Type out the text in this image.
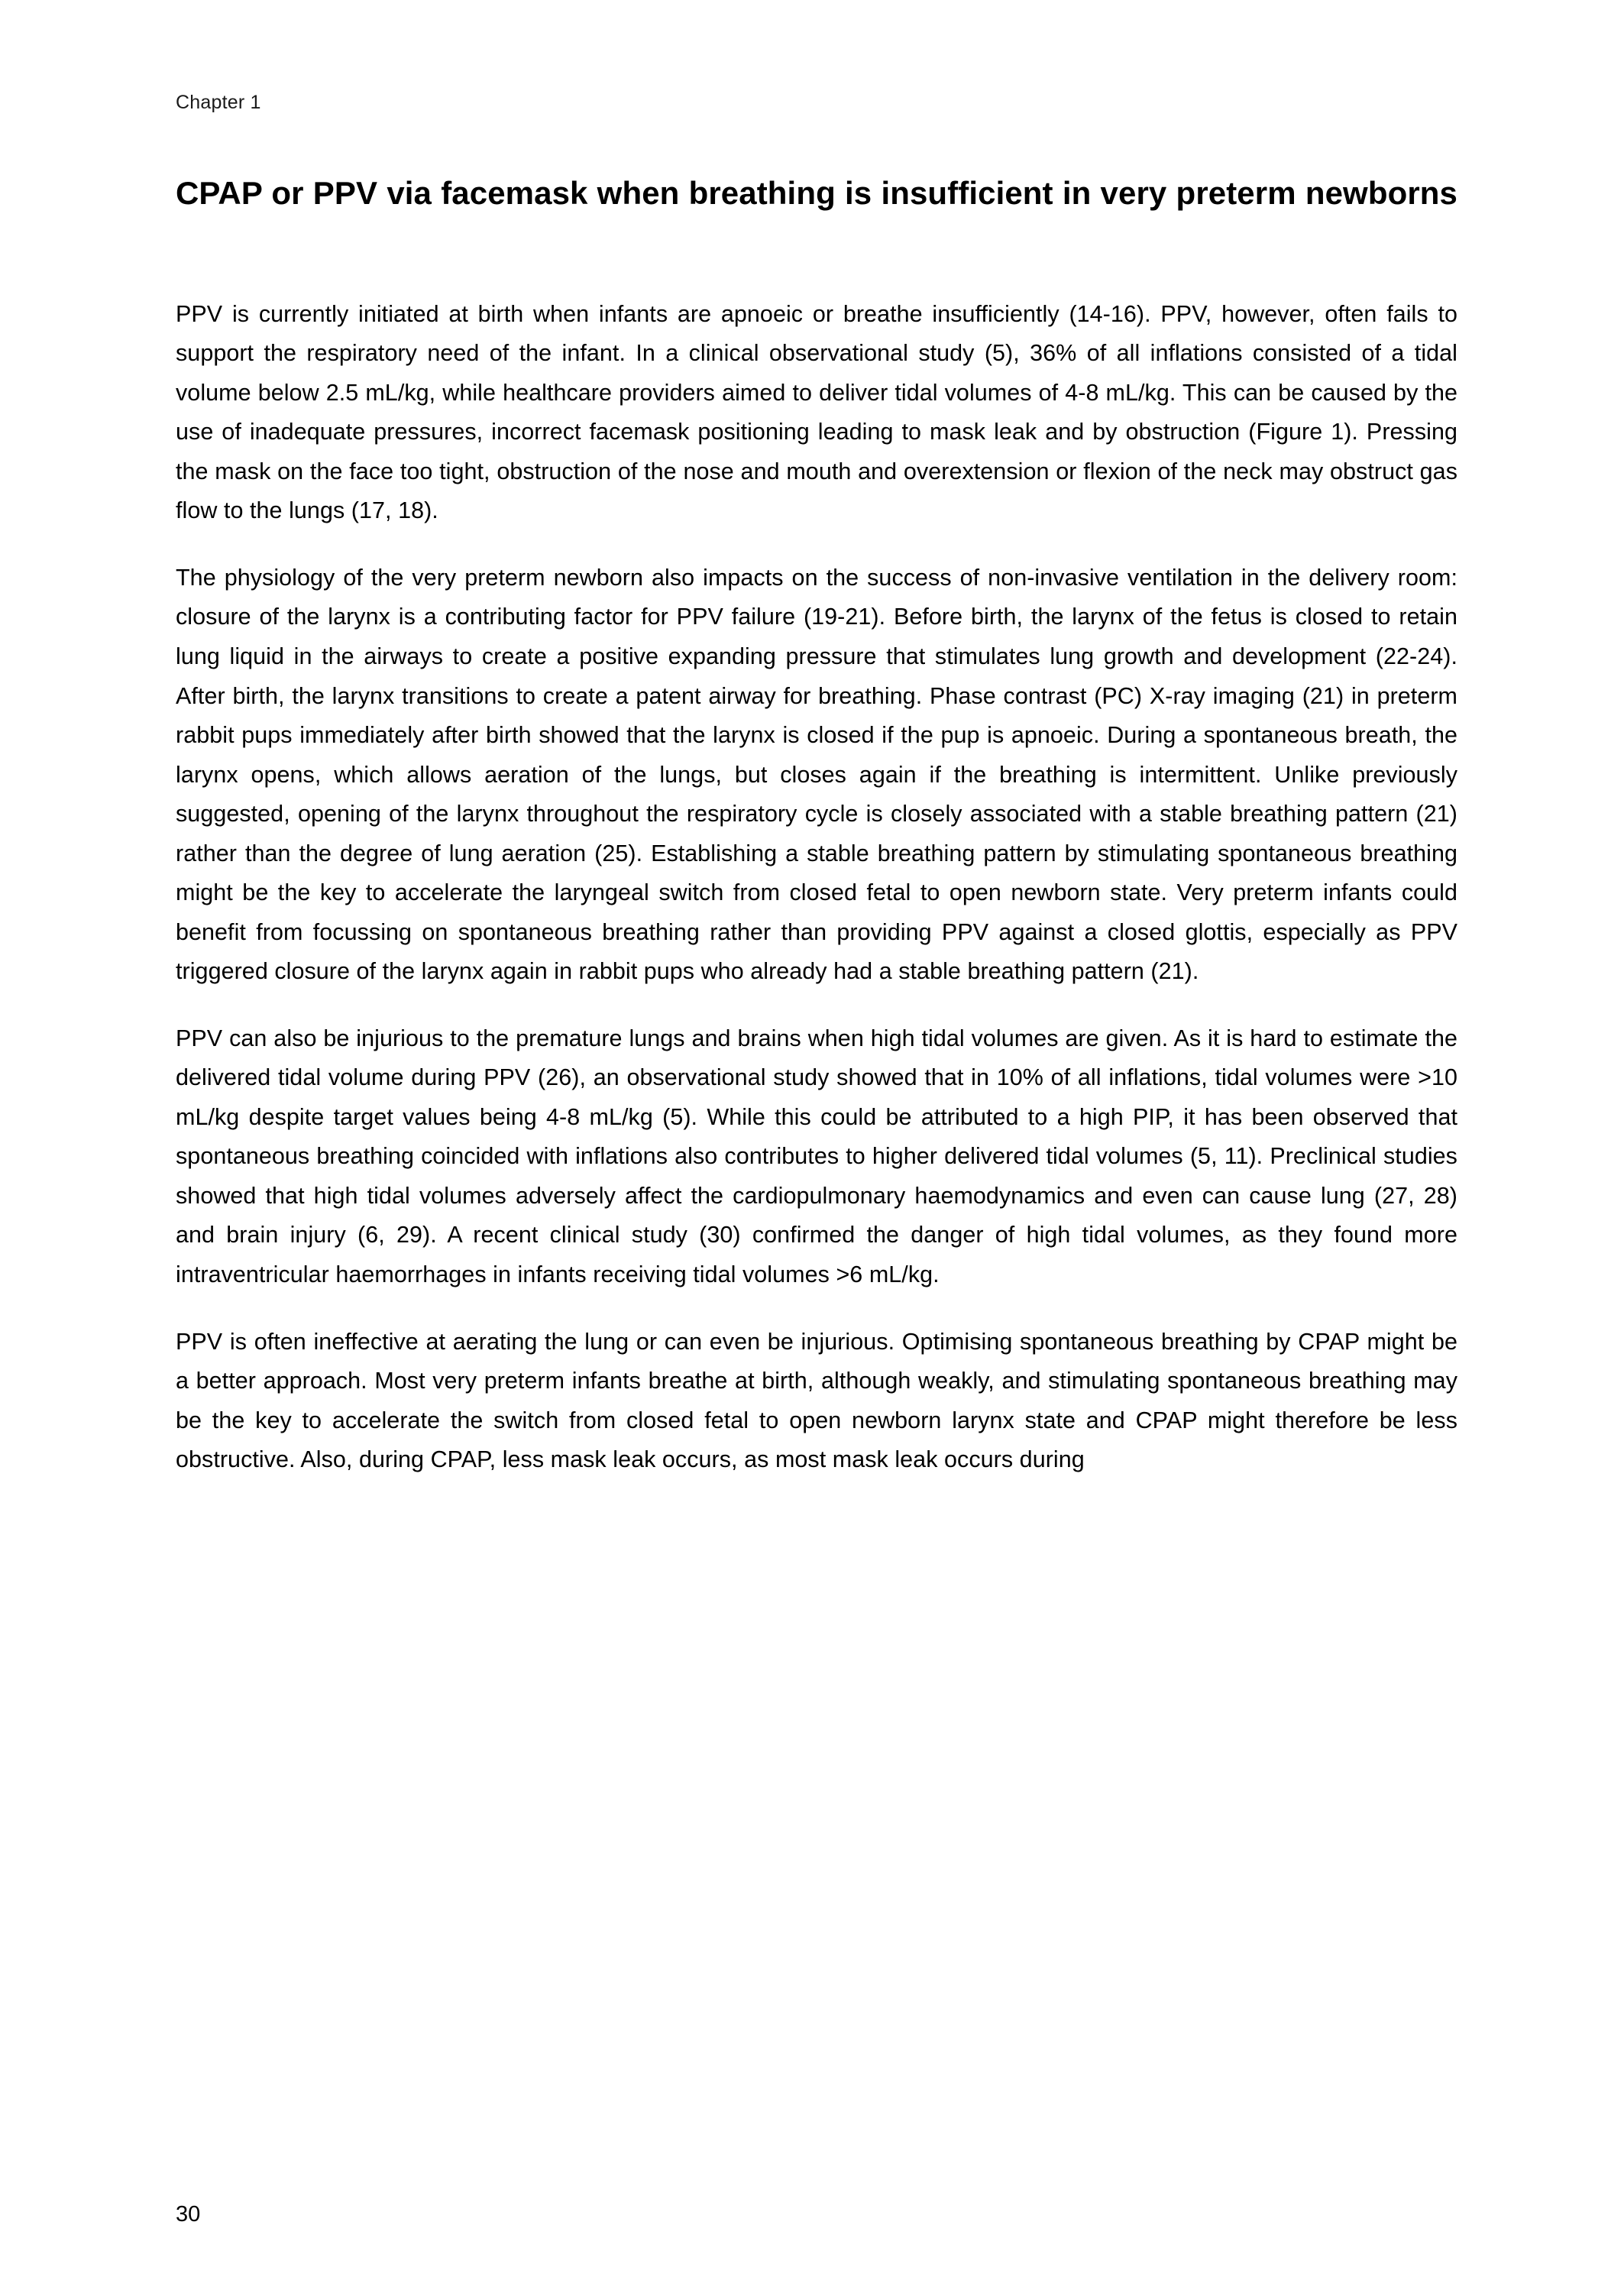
Chapter 1
CPAP or PPV via facemask when breathing is insufficient in very preterm newborns

PPV is currently initiated at birth when infants are apnoeic or breathe insufficiently (14-16). PPV, however, often fails to support the respiratory need of the infant. In a clinical observational study (5), 36% of all inflations consisted of a tidal volume below 2.5 mL/kg, while healthcare providers aimed to deliver tidal volumes of 4-8 mL/kg. This can be caused by the use of inadequate pressures, incorrect facemask positioning leading to mask leak and by obstruction (Figure 1). Pressing the mask on the face too tight, obstruction of the nose and mouth and overextension or flexion of the neck may obstruct gas flow to the lungs (17, 18).

The physiology of the very preterm newborn also impacts on the success of non-invasive ventilation in the delivery room: closure of the larynx is a contributing factor for PPV failure (19-21). Before birth, the larynx of the fetus is closed to retain lung liquid in the airways to create a positive expanding pressure that stimulates lung growth and development (22-24). After birth, the larynx transitions to create a patent airway for breathing. Phase contrast (PC) X-ray imaging (21) in preterm rabbit pups immediately after birth showed that the larynx is closed if the pup is apnoeic. During a spontaneous breath, the larynx opens, which allows aeration of the lungs, but closes again if the breathing is intermittent. Unlike previously suggested, opening of the larynx throughout the respiratory cycle is closely associated with a stable breathing pattern (21) rather than the degree of lung aeration (25). Establishing a stable breathing pattern by stimulating spontaneous breathing might be the key to accelerate the laryngeal switch from closed fetal to open newborn state. Very preterm infants could benefit from focussing on spontaneous breathing rather than providing PPV against a closed glottis, especially as PPV triggered closure of the larynx again in rabbit pups who already had a stable breathing pattern (21).

PPV can also be injurious to the premature lungs and brains when high tidal volumes are given. As it is hard to estimate the delivered tidal volume during PPV (26), an observational study showed that in 10% of all inflations, tidal volumes were >10 mL/kg despite target values being 4-8 mL/kg (5). While this could be attributed to a high PIP, it has been observed that spontaneous breathing coincided with inflations also contributes to higher delivered tidal volumes (5, 11). Preclinical studies showed that high tidal volumes adversely affect the cardiopulmonary haemodynamics and even can cause lung (27, 28) and brain injury (6, 29). A recent clinical study (30) confirmed the danger of high tidal volumes, as they found more intraventricular haemorrhages in infants receiving tidal volumes >6 mL/kg.

PPV is often ineffective at aerating the lung or can even be injurious. Optimising spontaneous breathing by CPAP might be a better approach. Most very preterm infants breathe at birth, although weakly, and stimulating spontaneous breathing may be the key to accelerate the switch from closed fetal to open newborn larynx state and CPAP might therefore be less obstructive. Also, during CPAP, less mask leak occurs, as most mask leak occurs during

30
